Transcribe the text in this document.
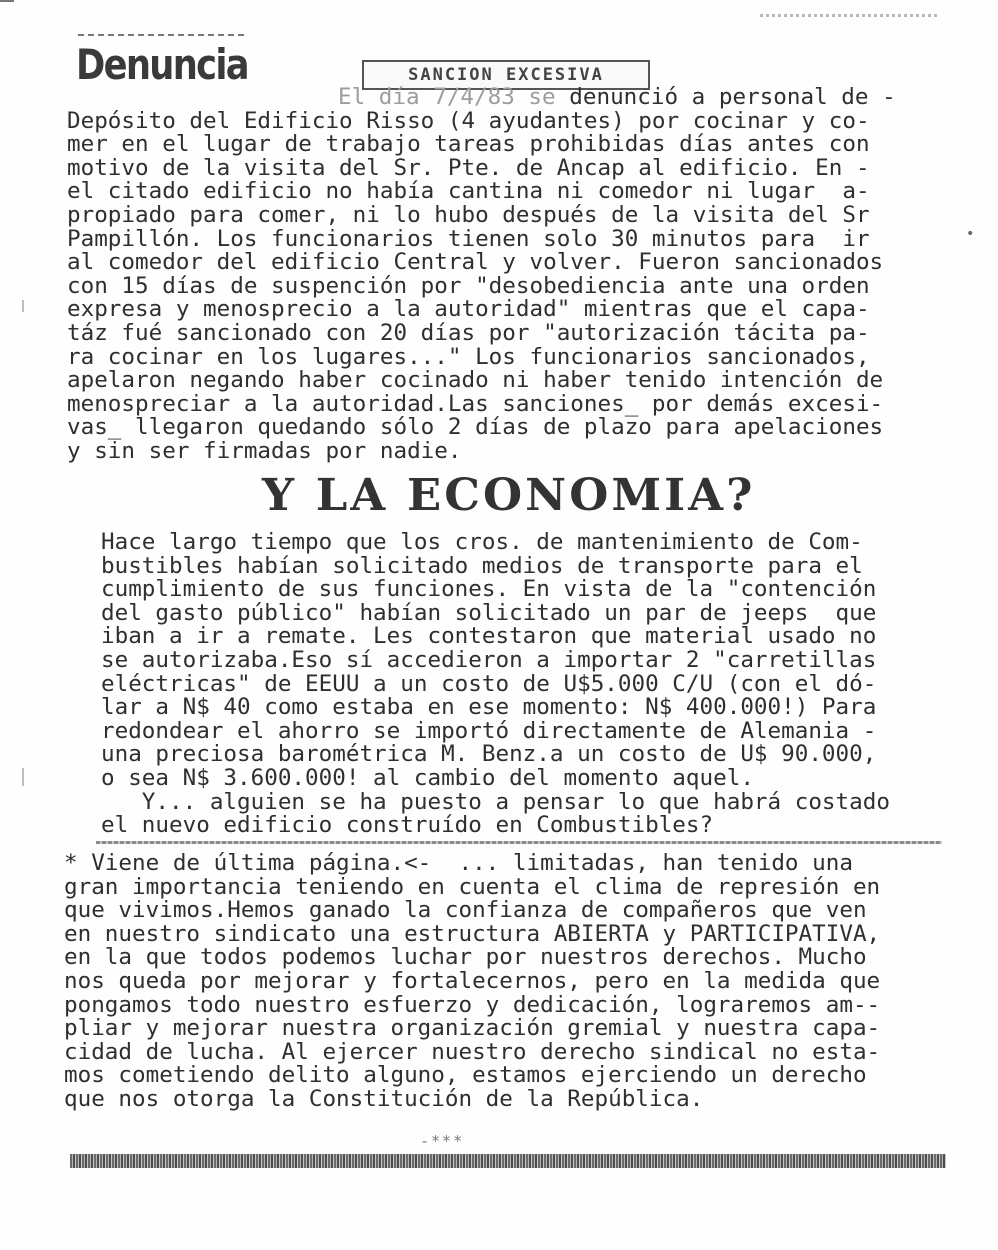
Denuncia	SANCION EXCESIVA
El día 7/4/83 se denunció a personal de -
Depósito del Edificio Risso (4 ayudantes) por cocinar y co-
mer en el lugar de trabajo tareas prohibidas días antes con
motivo de la visita del Sr. Pte. de Ancap al edificio. En -
el citado edificio no había cantina ni comedor ni lugar  a-
propiado para comer, ni lo hubo después de la visita del Sr
Pampillón. Los funcionarios tienen solo 30 minutos para  ir
al comedor del edificio Central y volver. Fueron sancionados
con 15 días de suspención por "desobediencia ante una orden
expresa y menosprecio a la autoridad" mientras que el capa-
táz fué sancionado con 20 días por "autorización tácita pa-
ra cocinar en los lugares..." Los funcionarios sancionados,
apelaron negando haber cocinado ni haber tenido intención de
menospreciar a la autoridad.Las sanciones_ por demás excesi-
vas_ llegaron quedando sólo 2 días de plazo para apelaciones
y sin ser firmadas por nadie.
Y LA ECONOMIA?
Hace largo tiempo que los cros. de mantenimiento de Com-
bustibles habían solicitado medios de transporte para el
cumplimiento de sus funciones. En vista de la "contención
del gasto público" habían solicitado un par de jeeps  que
iban a ir a remate. Les contestaron que material usado no
se autorizaba.Eso sí accedieron a importar 2 "carretillas
eléctricas" de EEUU a un costo de U$5.000 C/U (con el dó-
lar a N$ 40 como estaba en ese momento: N$ 400.000!) Para
redondear el ahorro se importó directamente de Alemania -
una preciosa barométrica M. Benz.a un costo de U$ 90.000,
o sea N$ 3.600.000! al cambio del momento aquel.
Y... alguien se ha puesto a pensar lo que habrá costado
el nuevo edificio construído en Combustibles?
* Viene de última página.<-  ... limitadas, han tenido una
gran importancia teniendo en cuenta el clima de represión en
que vivimos.Hemos ganado la confianza de compañeros que ven
en nuestro sindicato una estructura ABIERTA y PARTICIPATIVA,
en la que todos podemos luchar por nuestros derechos. Mucho
nos queda por mejorar y fortalecernos, pero en la medida que
pongamos todo nuestro esfuerzo y dedicación, lograremos am--
pliar y mejorar nuestra organización gremial y nuestra capa-
cidad de lucha. Al ejercer nuestro derecho sindical no esta-
mos cometiendo delito alguno, estamos ejerciendo un derecho
que nos otorga la Constitución de la República.
-***
•
